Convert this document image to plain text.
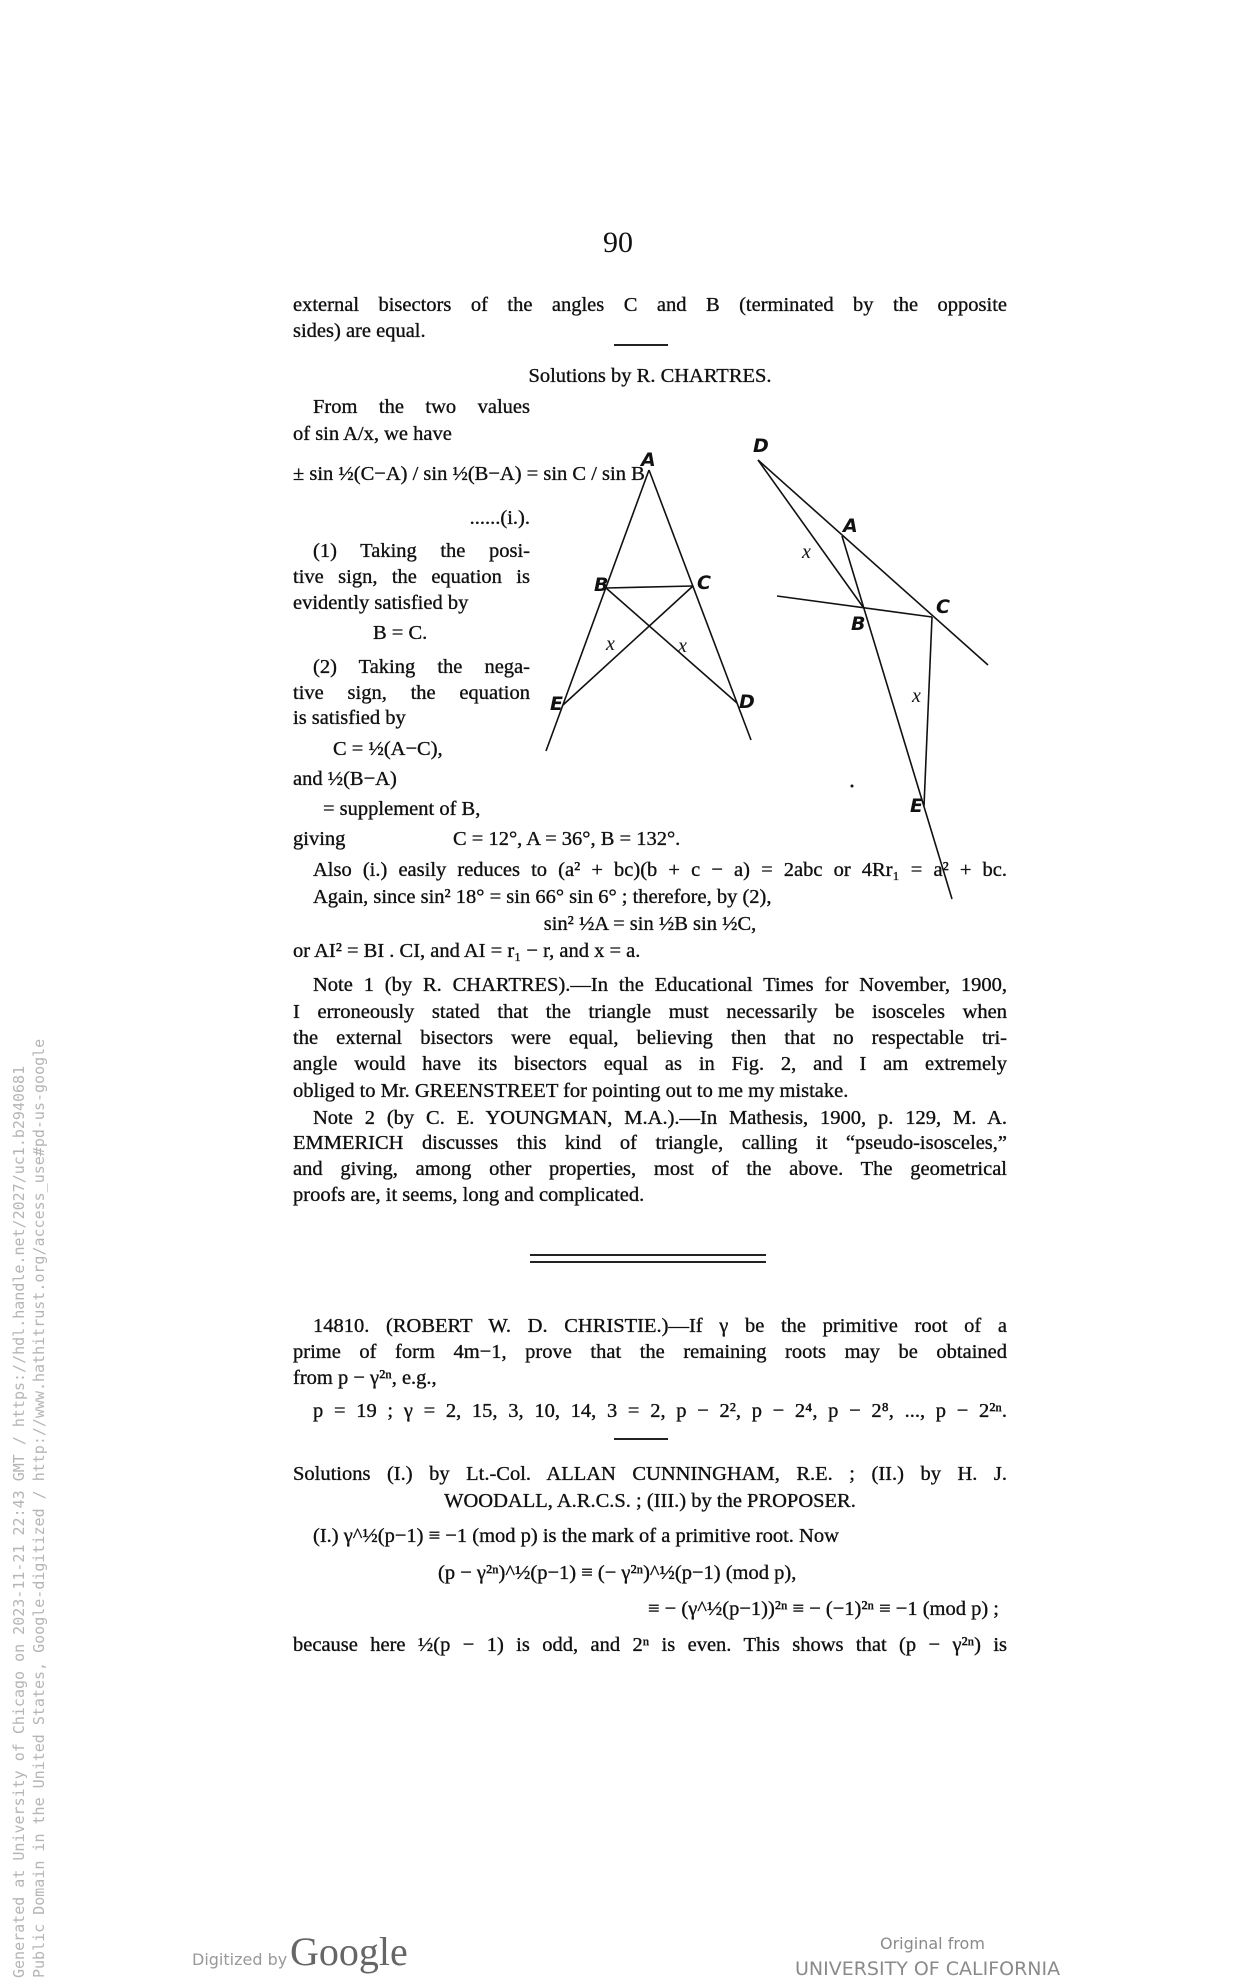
90
external bisectors of the angles C and B (terminated by the opposite
sides) are equal.
Solutions by R. CHARTRES.
From the two values
of sin A/x, we have
± sin ½(C−A) / sin ½(B−A) = sin C / sin B
......(i.).
(1) Taking the posi-
tive sign, the equation is
evidently satisfied by
B = C.
(2) Taking the nega-
tive sign, the equation
is satisfied by
C = ½(A−C),
and ½(B−A)
= supplement of B,
giving	C = 12°, A = 36°, B = 132°.
Also (i.) easily reduces to (a² + bc)(b + c − a) = 2abc or 4Rr₁ = a² + bc.
Again, since sin² 18° = sin 66° sin 6° ; therefore, by (2),
sin² ½A = sin ½B sin ½C,
or AI² = BI . CI, and AI = r₁ − r, and x = a.
Note 1 (by R. CHARTRES).—In the Educational Times for November, 1900,
I erroneously stated that the triangle must necessarily be isosceles when
the external bisectors were equal, believing then that no respectable tri-
angle would have its bisectors equal as in Fig. 2, and I am extremely
obliged to Mr. GREENSTREET for pointing out to me my mistake.
Note 2 (by C. E. YOUNGMAN, M.A.).—In Mathesis, 1900, p. 129, M. A.
EMMERICH discusses this kind of triangle, calling it “pseudo-isosceles,”
and giving, among other properties, most of the above. The geometrical
proofs are, it seems, long and complicated.
14810. (ROBERT W. D. CHRISTIE.)—If γ be the primitive root of a
prime of form 4m−1, prove that the remaining roots may be obtained
from p − γ²ⁿ, e.g.,
p = 19 ; γ = 2, 15, 3, 10, 14, 3 = 2, p − 2², p − 2⁴, p − 2⁸, ..., p − 2²ⁿ.
Solutions (I.) by Lt.-Col. ALLAN CUNNINGHAM, R.E. ; (II.) by H. J.
WOODALL, A.R.C.S. ; (III.) by the PROPOSER.
(I.) γ^½(p−1) ≡ −1 (mod p) is the mark of a primitive root. Now
(p − γ²ⁿ)^½(p−1) ≡ (− γ²ⁿ)^½(p−1) (mod p),
≡ − (γ^½(p−1))²ⁿ ≡ − (−1)²ⁿ ≡ −1 (mod p) ;
because here ½(p − 1) is odd, and 2ⁿ is even. This shows that (p − γ²ⁿ) is
A
B	C
D
E
x	x
D
A
B
C
E
x
x
Generated at University of Chicago on 2023-11-21 22:43 GMT / https://hdl.handle.net/2027/uc1.b2940681 Public Domain in the United States, Google-digitized / http://www.hathitrust.org/access_use#pd-us-google	Digitized by Google	Original from
UNIVERSITY OF CALIFORNIA
